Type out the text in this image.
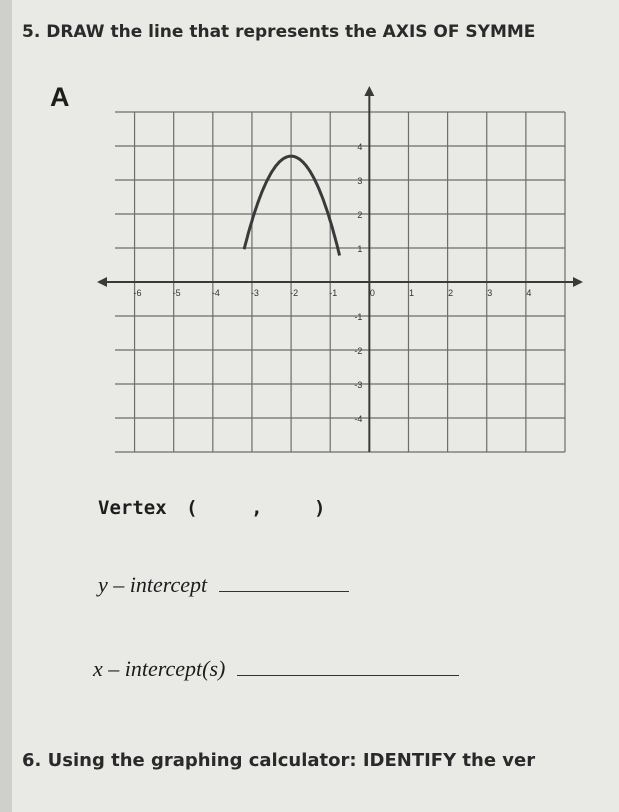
5. DRAW the line that represents the AXIS OF SYMME
A
-6	-5	-4	-3	-2	-1	0	1	2	3	4
4
3
2
1
-1
-2
-3
-4
Vertex (	,	)
y – intercept
x – intercept(s)
6. Using the graphing calculator: IDENTIFY the ver
